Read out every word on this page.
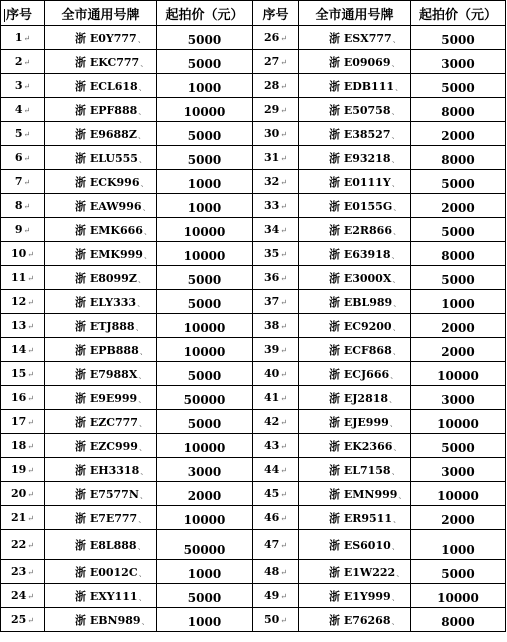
序号	全市通用号牌	起拍价（元）	序号	全市通用号牌	起拍价（元）
1↵	浙 E0Y777、	5000	26↵	浙 ESX777、	5000
2↵	浙 EKC777、	5000	27↵	浙 E09069、	3000
3↵	浙 ECL618、	1000	28↵	浙 EDB111、	5000
4↵	浙 EPF888、	10000	29↵	浙 E50758、	8000
5↵	浙 E9688Z、	5000	30↵	浙 E38527、	2000
6↵	浙 ELU555、	5000	31↵	浙 E93218、	8000
7↵	浙 ECK996、	1000	32↵	浙 E0111Y、	5000
8↵	浙 EAW996、	1000	33↵	浙 E0155G、	2000
9↵	浙 EMK666、	10000	34↵	浙 E2R866、	5000
10↵	浙 EMK999、	10000	35↵	浙 E63918、	8000
11↵	浙 E8099Z、	5000	36↵	浙 E3000X、	5000
12↵	浙 ELY333、	5000	37↵	浙 EBL989、	1000
13↵	浙 ETJ888、	10000	38↵	浙 EC9200、	2000
14↵	浙 EPB888、	10000	39↵	浙 ECF868、	2000
15↵	浙 E7988X、	5000	40↵	浙 ECJ666、	10000
16↵	浙 E9E999、	50000	41↵	浙 EJ2818、	3000
17↵	浙 EZC777、	5000	42↵	浙 EJE999、	10000
18↵	浙 EZC999、	10000	43↵	浙 EK2366、	5000
19↵	浙 EH3318、	3000	44↵	浙 EL7158、	3000
20↵	浙 E7577N、	2000	45↵	浙 EMN999、	10000
21↵	浙 E7E777、	10000	46↵	浙 ER9511、	2000
22↵	浙 E8L888、	50000	47↵	浙 ES6010、	1000
23↵	浙 E0012C、	1000	48↵	浙 E1W222、	5000
24↵	浙 EXY111、	5000	49↵	浙 E1Y999、	10000
25↵	浙 EBN989、	1000	50↵	浙 E76268、	8000
